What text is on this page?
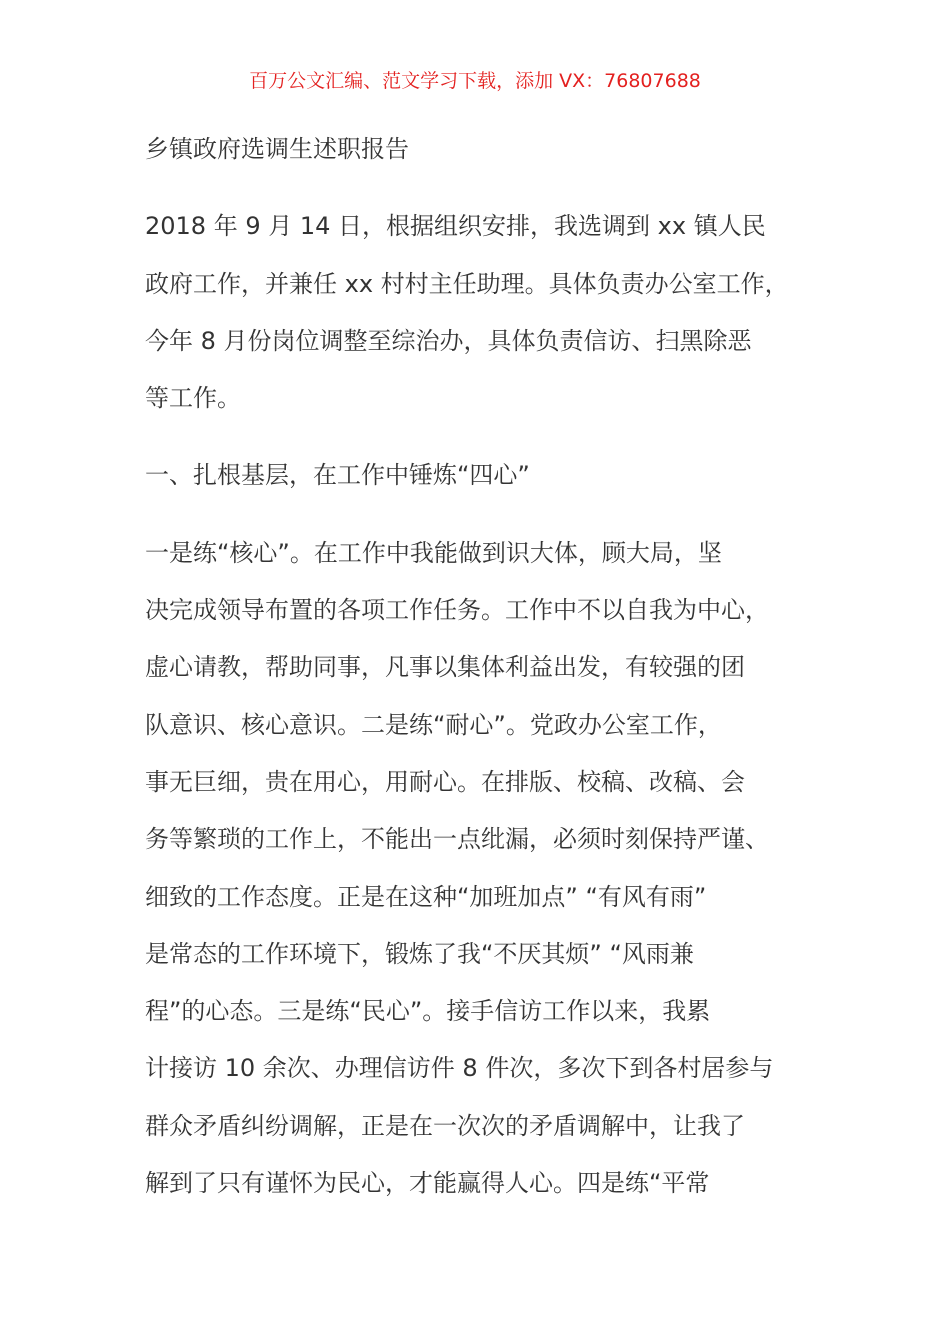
百万公文汇编、范文学习下载，添加 VX：76807688
乡镇政府选调生述职报告
2018 年 9 月 14 日，根据组织安排，我选调到 xx 镇人民
政府工作，并兼任 xx 村村主任助理。具体负责办公室工作，
今年 8 月份岗位调整至综治办，具体负责信访、扫黑除恶
等工作。
一、扎根基层，在工作中锤炼“四心”
一是练“核心”。在工作中我能做到识大体，顾大局，坚
决完成领导布置的各项工作任务。工作中不以自我为中心，
虚心请教，帮助同事，凡事以集体利益出发，有较强的团
队意识、核心意识。二是练“耐心”。党政办公室工作，
事无巨细，贵在用心，用耐心。在排版、校稿、改稿、会
务等繁琐的工作上，不能出一点纰漏，必须时刻保持严谨、
细致的工作态度。正是在这种“加班加点” “有风有雨”
是常态的工作环境下，锻炼了我“不厌其烦” “风雨兼
程”的心态。三是练“民心”。接手信访工作以来，我累
计接访 10 余次、办理信访件 8 件次，多次下到各村居参与
群众矛盾纠纷调解，正是在一次次的矛盾调解中，让我了
解到了只有谨怀为民心，才能赢得人心。四是练“平常
